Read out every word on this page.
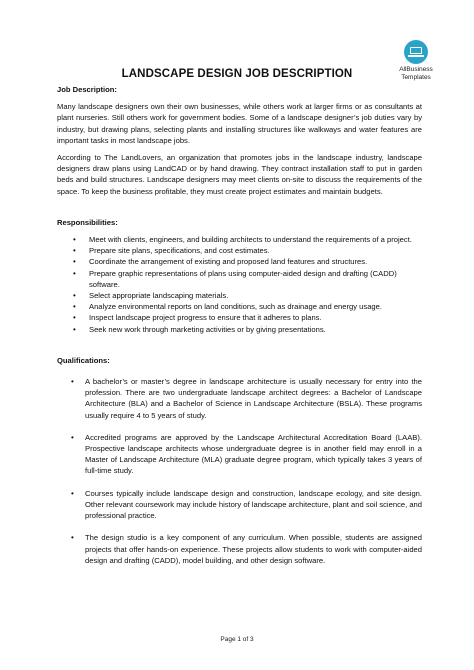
AllBusiness
Templates
LANDSCAPE DESIGN JOB DESCRIPTION

Job Description:

Many landscape designers own their own businesses, while others work at larger firms or as consultants at plant nurseries. Still others work for government bodies. Some of a landscape designer’s job duties vary by industry, but drawing plans, selecting plants and installing structures like walkways and water features are important tasks in most landscape jobs.

According to The LandLovers, an organization that promotes jobs in the landscape industry, landscape designers draw plans using LandCAD or by hand drawing. They contract installation staff to put in garden beds and build structures. Landscape designers may meet clients on-site to discuss the requirements of the space. To keep the business profitable, they must create project estimates and maintain budgets.

Responsibilities:

• Meet with clients, engineers, and building architects to understand the requirements of a project.
• Prepare site plans, specifications, and cost estimates.
• Coordinate the arrangement of existing and proposed land features and structures.
• Prepare graphic representations of plans using computer-aided design and drafting (CADD) software.
• Select appropriate landscaping materials.
• Analyze environmental reports on land conditions, such as drainage and energy usage.
• Inspect landscape project progress to ensure that it adheres to plans.
• Seek new work through marketing activities or by giving presentations.

Qualifications:

• A bachelor’s or master’s degree in landscape architecture is usually necessary for entry into the profession. There are two undergraduate landscape architect degrees: a Bachelor of Landscape Architecture (BLA) and a Bachelor of Science in Landscape Architecture (BSLA). These programs usually require 4 to 5 years of study.
• Accredited programs are approved by the Landscape Architectural Accreditation Board (LAAB). Prospective landscape architects whose undergraduate degree is in another field may enroll in a Master of Landscape Architecture (MLA) graduate degree program, which typically takes 3 years of full-time study.
• Courses typically include landscape design and construction, landscape ecology, and site design. Other relevant coursework may include history of landscape architecture, plant and soil science, and professional practice.
• The design studio is a key component of any curriculum. When possible, students are assigned projects that offer hands-on experience. These projects allow students to work with computer-aided design and drafting (CADD), model building, and other design software.
Page 1 of 3
